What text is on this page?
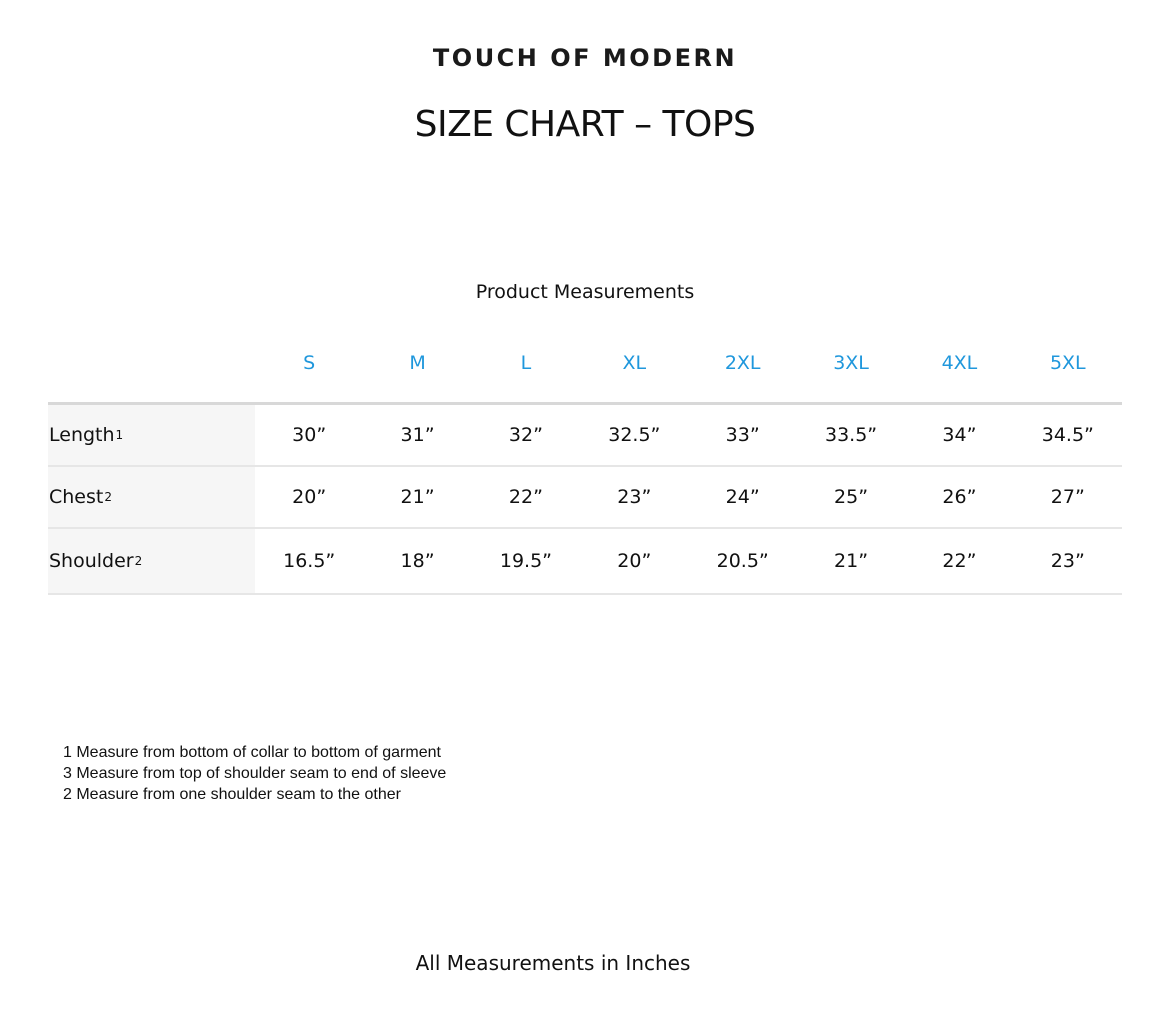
TOUCH OF MODERN
SIZE CHART – TOPS
Product Measurements
S	M	L	XL	2XL	3XL	4XL	5XL
Length 1	30”	31”	32”	32.5”	33”	33.5”	34”	34.5”
Chest 2	20”	21”	22”	23”	24”	25”	26”	27”
Shoulder 2	16.5”	18”	19.5”	20”	20.5”	21”	22”	23”
1 Measure from bottom of collar to bottom of garment
3 Measure from top of shoulder seam to end of sleeve
2 Measure from one shoulder seam to the other
All Measurements in Inches
